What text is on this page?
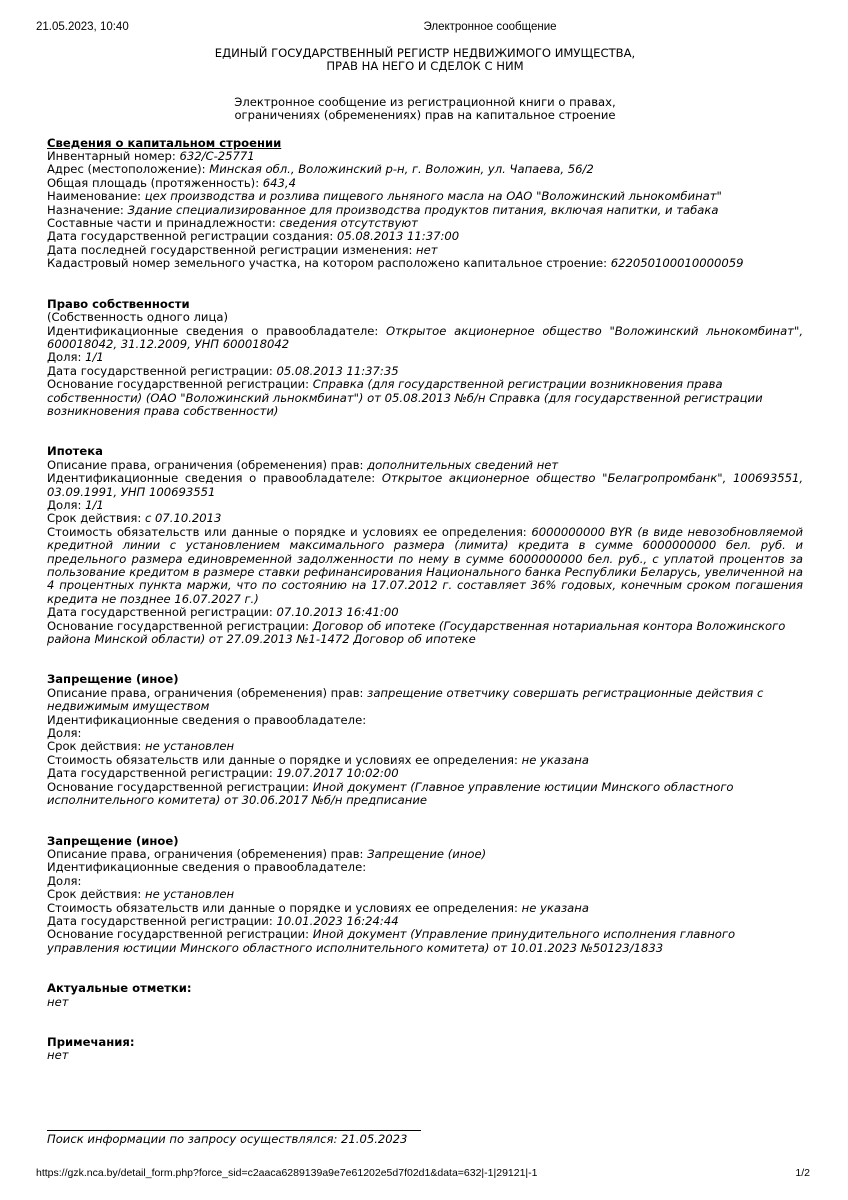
21.05.2023, 10:40	Электронное сообщение
ЕДИНЫЙ ГОСУДАРСТВЕННЫЙ РЕГИСТР НЕДВИЖИМОГО ИМУЩЕСТВА,
ПРАВ НА НЕГО И СДЕЛОК С НИМ
Электронное сообщение из регистрационной книги о правах,
ограничениях (обременениях) прав на капитальное строение
Сведения о капитальном строении
Инвентарный номер: 632/C-25771
Адрес (местоположение): Минская обл., Воложинский р-н, г. Воложин, ул. Чапаева, 56/2
Общая площадь (протяженность): 643,4
Наименование: цех производства и розлива пищевого льняного масла на ОАО "Воложинский льнокомбинат"
Назначение: Здание специализированное для производства продуктов питания, включая напитки, и табака
Составные части и принадлежности: сведения отсутствуют
Дата государственной регистрации создания: 05.08.2013 11:37:00
Дата последней государственной регистрации изменения: нет
Кадастровый номер земельного участка, на котором расположено капитальное строение: 622050100010000059
Право собственности
(Собственность одного лица)
Идентификационные сведения о правообладателе: Открытое акционерное общество "Воложинский льнокомбинат", 600018042, 31.12.2009, УНП 600018042
Доля: 1/1
Дата государственной регистрации: 05.08.2013 11:37:35
Основание государственной регистрации: Справка (для государственной регистрации возникновения права собственности) (ОАО "Воложинский льнокмбинат") от 05.08.2013 №б/н Справка (для государственной регистрации возникновения права собственности)
Ипотека
Описание права, ограничения (обременения) прав: дополнительных сведений нет
Идентификационные сведения о правообладателе: Открытое акционерное общество "Белагропромбанк", 100693551, 03.09.1991, УНП 100693551
Доля: 1/1
Срок действия: с 07.10.2013
Стоимость обязательств или данные о порядке и условиях ее определения: 6000000000 BYR (в виде невозобновляемой кредитной линии с установлением максимального размера (лимита) кредита в сумме 6000000000 бел. руб. и предельного размера единовременной задолженности по нему в сумме 6000000000 бел. руб., с уплатой процентов за пользование кредитом в размере ставки рефинансирования Национального банка Республики Беларусь, увеличенной на 4 процентных пункта маржи, что по состоянию на 17.07.2012 г. составляет 36% годовых, конечным сроком погашения кредита не позднее 16.07.2027 г.)
Дата государственной регистрации: 07.10.2013 16:41:00
Основание государственной регистрации: Договор об ипотеке (Государственная нотариальная контора Воложинского района Минской области) от 27.09.2013 №1-1472 Договор об ипотеке
Запрещение (иное)
Описание права, ограничения (обременения) прав: запрещение ответчику совершать регистрационные действия с недвижимым имуществом
Идентификационные сведения о правообладателе:
Доля:
Срок действия: не установлен
Стоимость обязательств или данные о порядке и условиях ее определения: не указана
Дата государственной регистрации: 19.07.2017 10:02:00
Основание государственной регистрации: Иной документ (Главное управление юстиции Минского областного исполнительного комитета) от 30.06.2017 №б/н предписание
Запрещение (иное)
Описание права, ограничения (обременения) прав: Запрещение (иное)
Идентификационные сведения о правообладателе:
Доля:
Срок действия: не установлен
Стоимость обязательств или данные о порядке и условиях ее определения: не указана
Дата государственной регистрации: 10.01.2023 16:24:44
Основание государственной регистрации: Иной документ (Управление принудительного исполнения главного управления юстиции Минского областного исполнительного комитета) от 10.01.2023 №50123/1833
Актуальные отметки:
нет
Примечания:
нет
Поиск информации по запросу осуществлялся: 21.05.2023
https://gzk.nca.by/detail_form.php?force_sid=c2aaca6289139a9e7e61202e5d7f02d1&data=632|-1|29121|-1	1/2
